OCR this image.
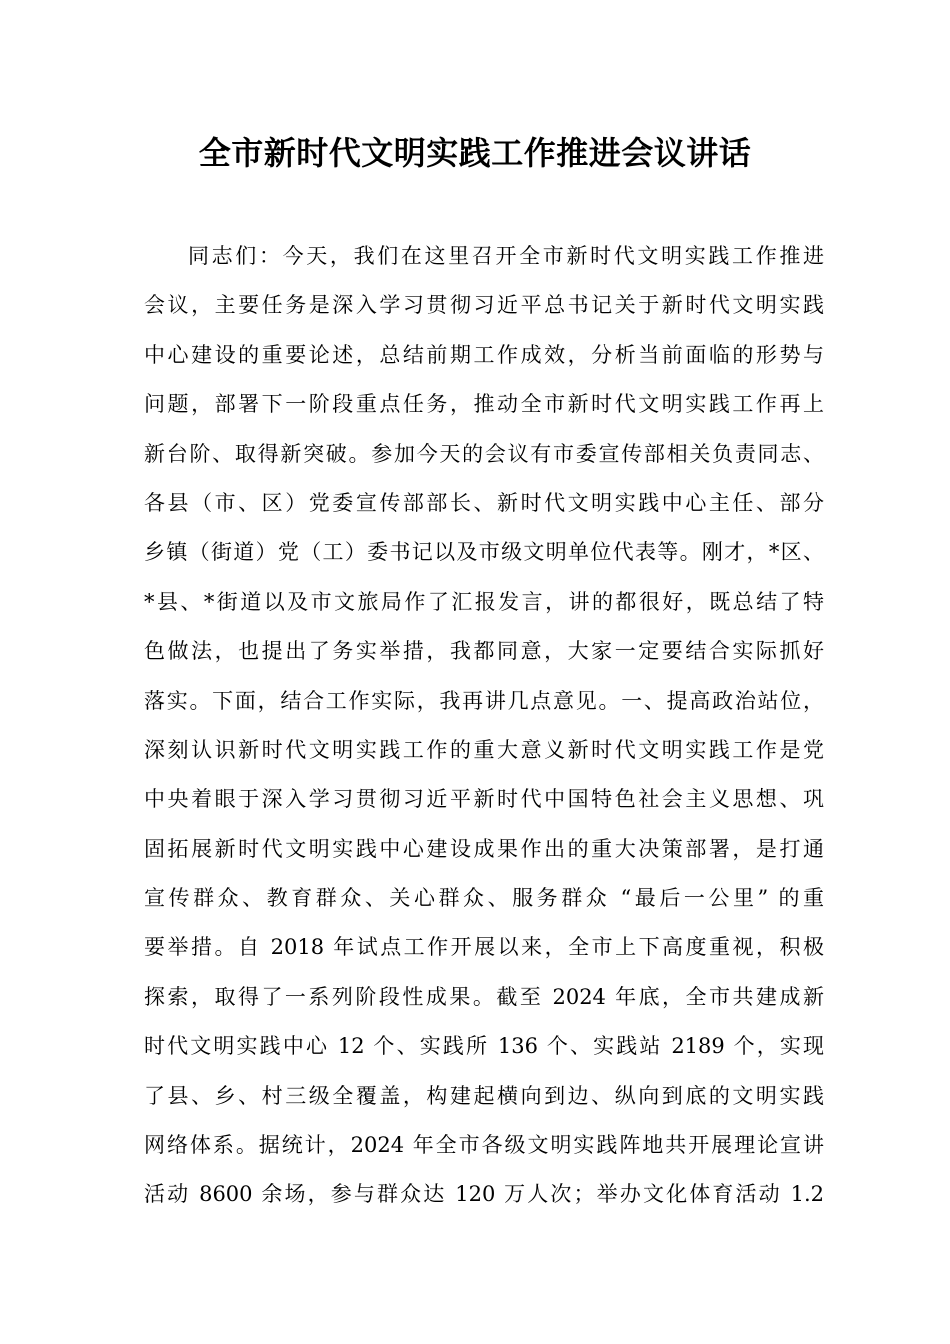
全市新时代文明实践工作推进会议讲话
同志们：今天，我们在这里召开全市新时代文明实践工作推进
会议，主要任务是深入学习贯彻习近平总书记关于新时代文明实践
中心建设的重要论述，总结前期工作成效，分析当前面临的形势与
问题，部署下一阶段重点任务，推动全市新时代文明实践工作再上
新台阶、取得新突破。参加今天的会议有市委宣传部相关负责同志、
各县（市、区）党委宣传部部长、新时代文明实践中心主任、部分
乡镇（街道）党（工）委书记以及市级文明单位代表等。刚才，*区、
*县、*街道以及市文旅局作了汇报发言，讲的都很好，既总结了特
色做法，也提出了务实举措，我都同意，大家一定要结合实际抓好
落实。下面，结合工作实际，我再讲几点意见。一、提高政治站位，
深刻认识新时代文明实践工作的重大意义新时代文明实践工作是党
中央着眼于深入学习贯彻习近平新时代中国特色社会主义思想、巩
固拓展新时代文明实践中心建设成果作出的重大决策部署，是打通
宣传群众、教育群众、关心群众、服务群众 “最后一公里” 的重
要举措。自 2018 年试点工作开展以来，全市上下高度重视，积极
探索，取得了一系列阶段性成果。截至 2024 年底，全市共建成新
时代文明实践中心 12 个、实践所 136 个、实践站 2189 个，实现
了县、乡、村三级全覆盖，构建起横向到边、纵向到底的文明实践
网络体系。据统计，2024 年全市各级文明实践阵地共开展理论宣讲
活动 8600 余场，参与群众达 120 万人次；举办文化体育活动 1.2
